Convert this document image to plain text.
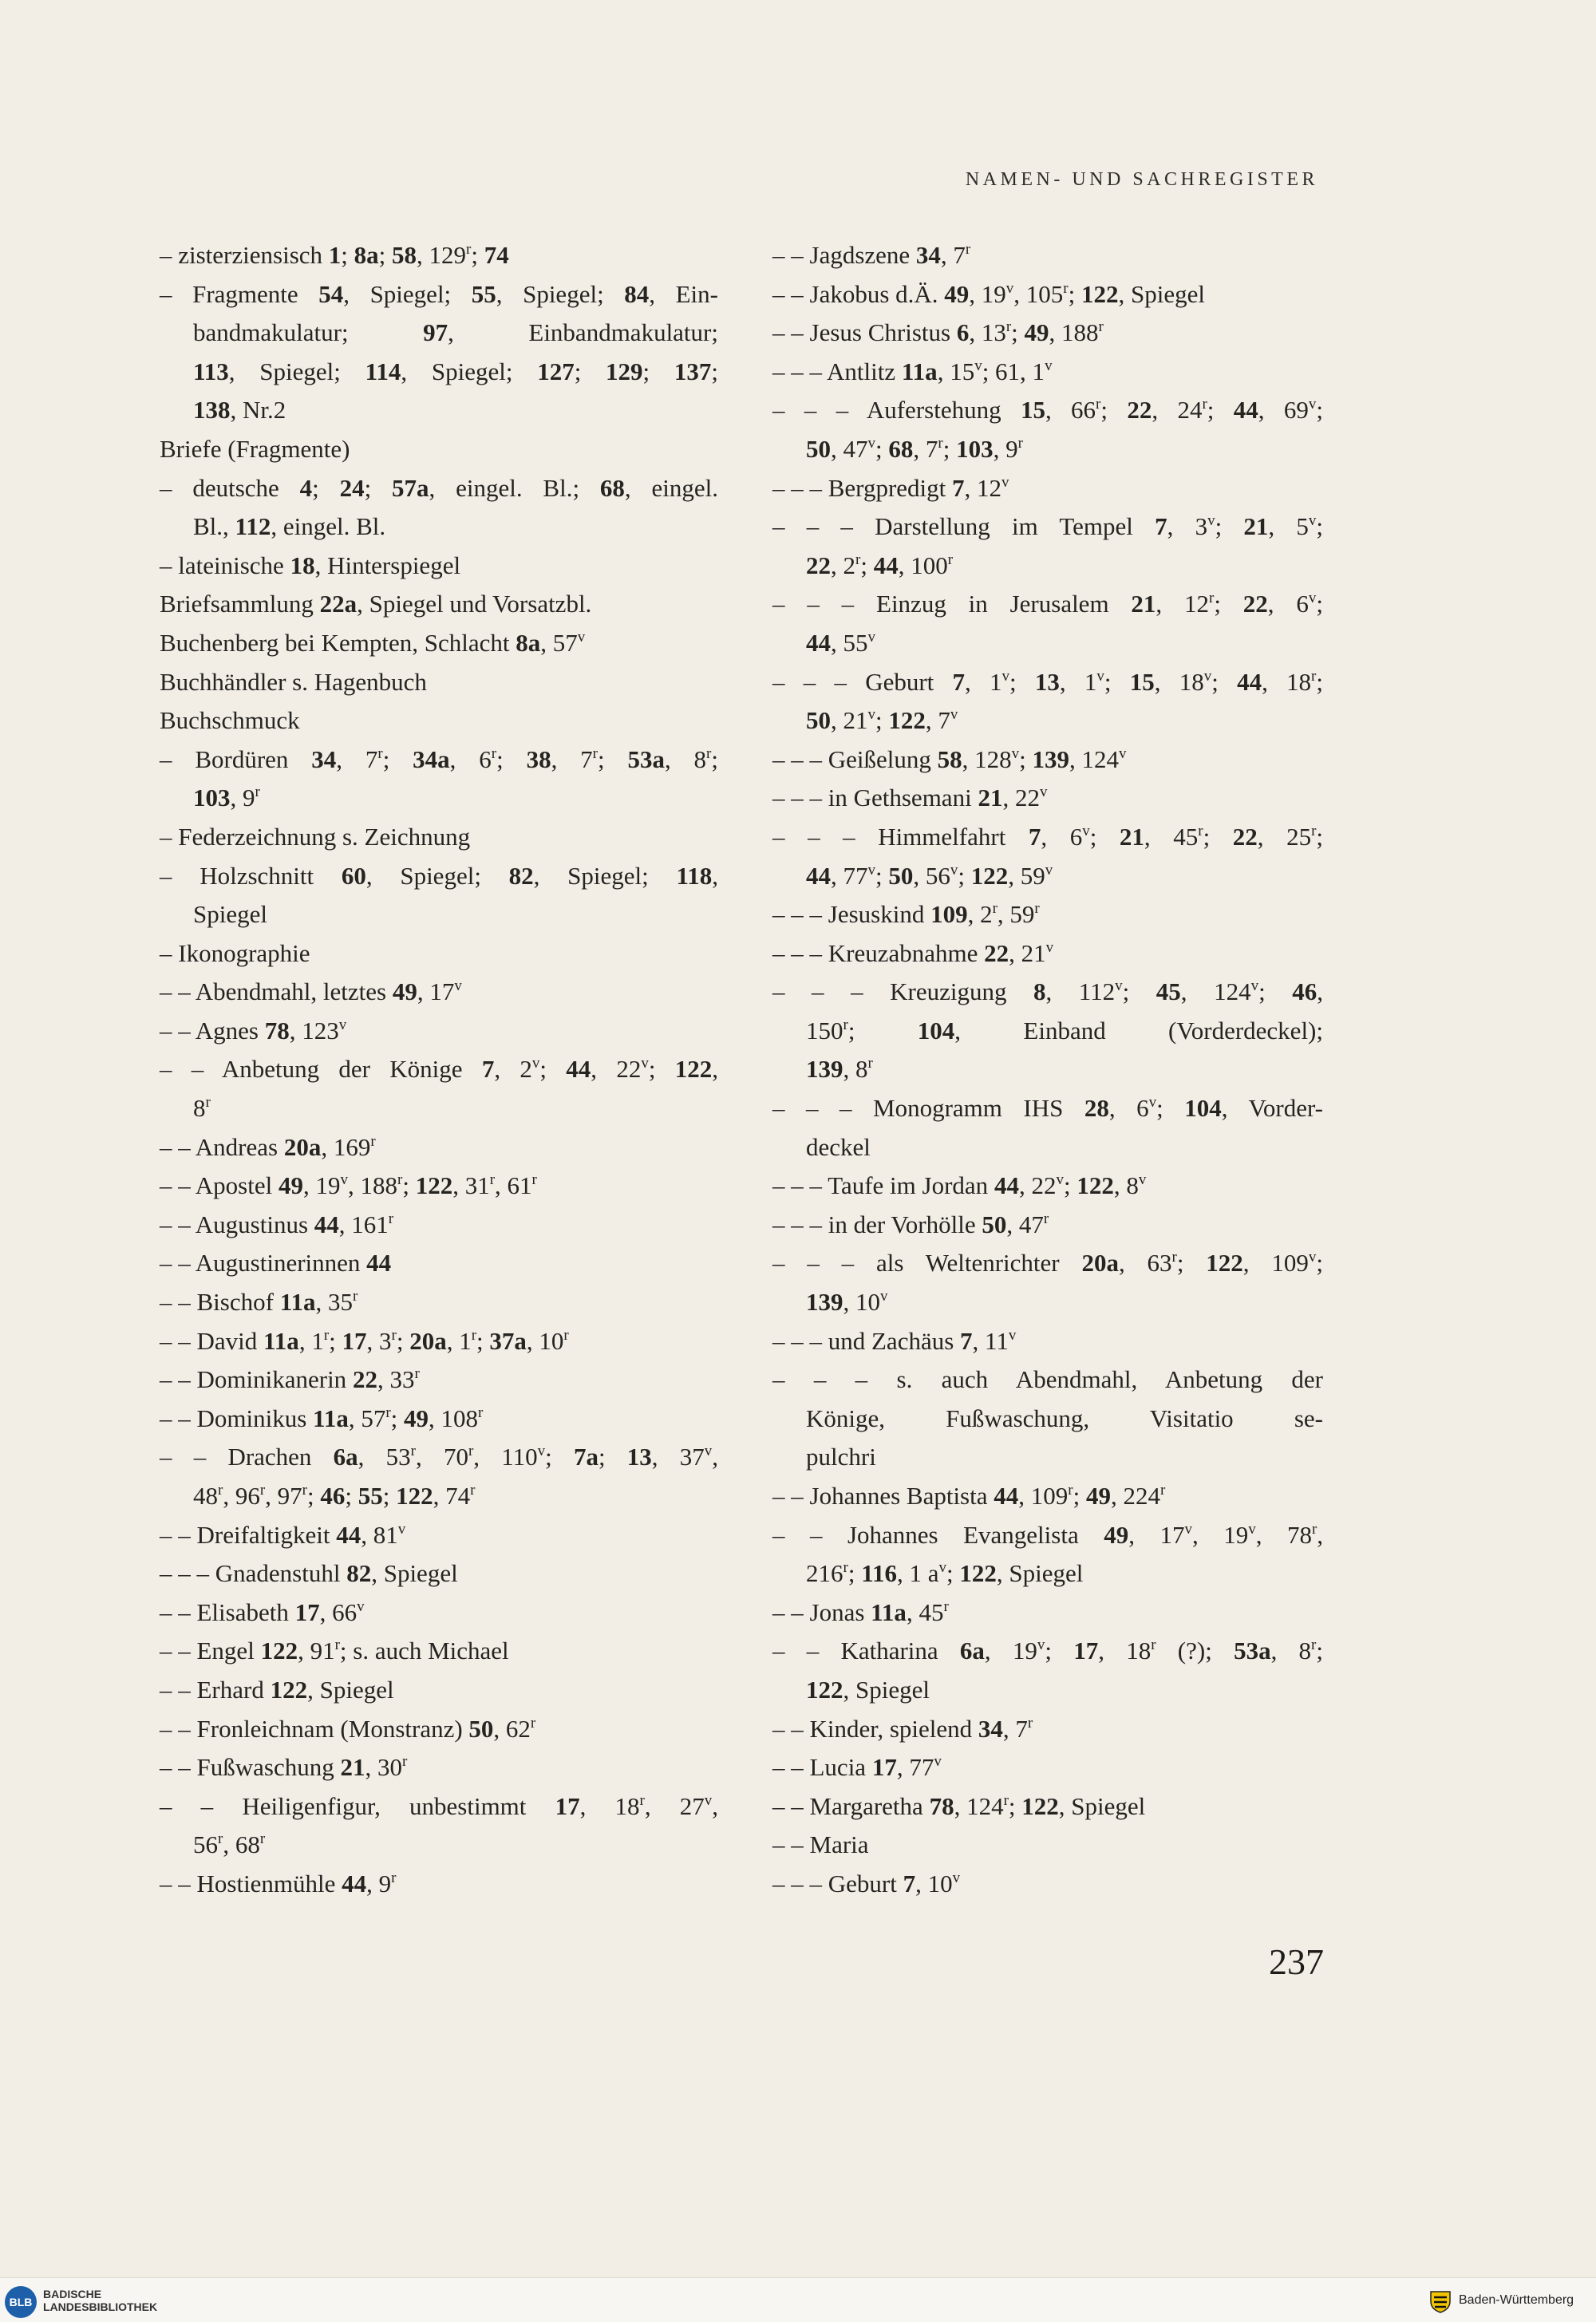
NAMEN- UND SACHREGISTER
– zisterziensisch 1; 8a; 58, 129$^r$; 74
– Fragmente 54, Spiegel; 55, Spiegel; 84, Ein-
bandmakulatur; 97, Einbandmakulatur;
113, Spiegel; 114, Spiegel; 127; 129; 137;
138, Nr.2
Briefe (Fragmente)
– deutsche 4; 24; 57a, eingel. Bl.; 68, eingel.
Bl., 112, eingel. Bl.
– lateinische 18, Hinterspiegel
Briefsammlung 22a, Spiegel und Vorsatzbl.
Buchenberg bei Kempten, Schlacht 8a, 57$^v$
Buchhändler s. Hagenbuch
Buchschmuck
– Bordüren 34, 7$^r$; 34a, 6$^r$; 38, 7$^r$; 53a, 8$^r$;
103, 9$^r$
– Federzeichnung s. Zeichnung
– Holzschnitt 60, Spiegel; 82, Spiegel; 118,
Spiegel
– Ikonographie
– – Abendmahl, letztes 49, 17$^v$
– – Agnes 78, 123$^v$
– – Anbetung der Könige 7, 2$^v$; 44, 22$^v$; 122,
8$^r$
– – Andreas 20a, 169$^r$
– – Apostel 49, 19$^v$, 188$^r$; 122, 31$^r$, 61$^r$
– – Augustinus 44, 161$^r$
– – Augustinerinnen 44
– – Bischof 11a, 35$^r$
– – David 11a, 1$^r$; 17, 3$^r$; 20a, 1$^r$; 37a, 10$^r$
– – Dominikanerin 22, 33$^r$
– – Dominikus 11a, 57$^r$; 49, 108$^r$
– – Drachen 6a, 53$^r$, 70$^r$, 110$^v$; 7a; 13, 37$^v$,
48$^r$, 96$^r$, 97$^r$; 46; 55; 122, 74$^r$
– – Dreifaltigkeit 44, 81$^v$
– – – Gnadenstuhl 82, Spiegel
– – Elisabeth 17, 66$^v$
– – Engel 122, 91$^r$; s. auch Michael
– – Erhard 122, Spiegel
– – Fronleichnam (Monstranz) 50, 62$^r$
– – Fußwaschung 21, 30$^r$
– – Heiligenfigur, unbestimmt 17, 18$^r$, 27$^v$,
56$^r$, 68$^r$
– – Hostienmühle 44, 9$^r$
– – Jagdszene 34, 7$^r$
– – Jakobus d.Ä. 49, 19$^v$, 105$^r$; 122, Spiegel
– – Jesus Christus 6, 13$^r$; 49, 188$^r$
– – – Antlitz 11a, 15$^v$; 61, 1$^v$
– – – Auferstehung 15, 66$^r$; 22, 24$^r$; 44, 69$^v$;
50, 47$^v$; 68, 7$^r$; 103, 9$^r$
– – – Bergpredigt 7, 12$^v$
– – – Darstellung im Tempel 7, 3$^v$; 21, 5$^v$;
22, 2$^r$; 44, 100$^r$
– – – Einzug in Jerusalem 21, 12$^r$; 22, 6$^v$;
44, 55$^v$
– – – Geburt 7, 1$^v$; 13, 1$^v$; 15, 18$^v$; 44, 18$^r$;
50, 21$^v$; 122, 7$^v$
– – – Geißelung 58, 128$^v$; 139, 124$^v$
– – – in Gethsemani 21, 22$^v$
– – – Himmelfahrt 7, 6$^v$; 21, 45$^r$; 22, 25$^r$;
44, 77$^v$; 50, 56$^v$; 122, 59$^v$
– – – Jesuskind 109, 2$^r$, 59$^r$
– – – Kreuzabnahme 22, 21$^v$
– – – Kreuzigung 8, 112$^v$; 45, 124$^v$; 46,
150$^r$; 104, Einband (Vorderdeckel);
139, 8$^r$
– – – Monogramm IHS 28, 6$^v$; 104, Vorder-
deckel
– – – Taufe im Jordan 44, 22$^v$; 122, 8$^v$
– – – in der Vorhölle 50, 47$^r$
– – – als Weltenrichter 20a, 63$^r$; 122, 109$^v$;
139, 10$^v$
– – – und Zachäus 7, 11$^v$
– – – s. auch Abendmahl, Anbetung der
Könige, Fußwaschung, Visitatio se-
pulchri
– – Johannes Baptista 44, 109$^r$; 49, 224$^r$
– – Johannes Evangelista 49, 17$^v$, 19$^v$, 78$^r$,
216$^r$; 116, 1 $a^v$; 122, Spiegel
– – Jonas 11a, 45$^r$
– – Katharina 6a, 19$^v$; 17, 18$^r$ (?); 53a, 8$^r$;
122, Spiegel
– – Kinder, spielend 34, 7$^r$
– – Lucia 17, 77$^v$
– – Margaretha 78, 124$^r$; 122, Spiegel
– – Maria
– – – Geburt 7, 10$^v$
237
BLB
BADISCHE
LANDESBIBLIOTHEK	Baden-Württemberg
